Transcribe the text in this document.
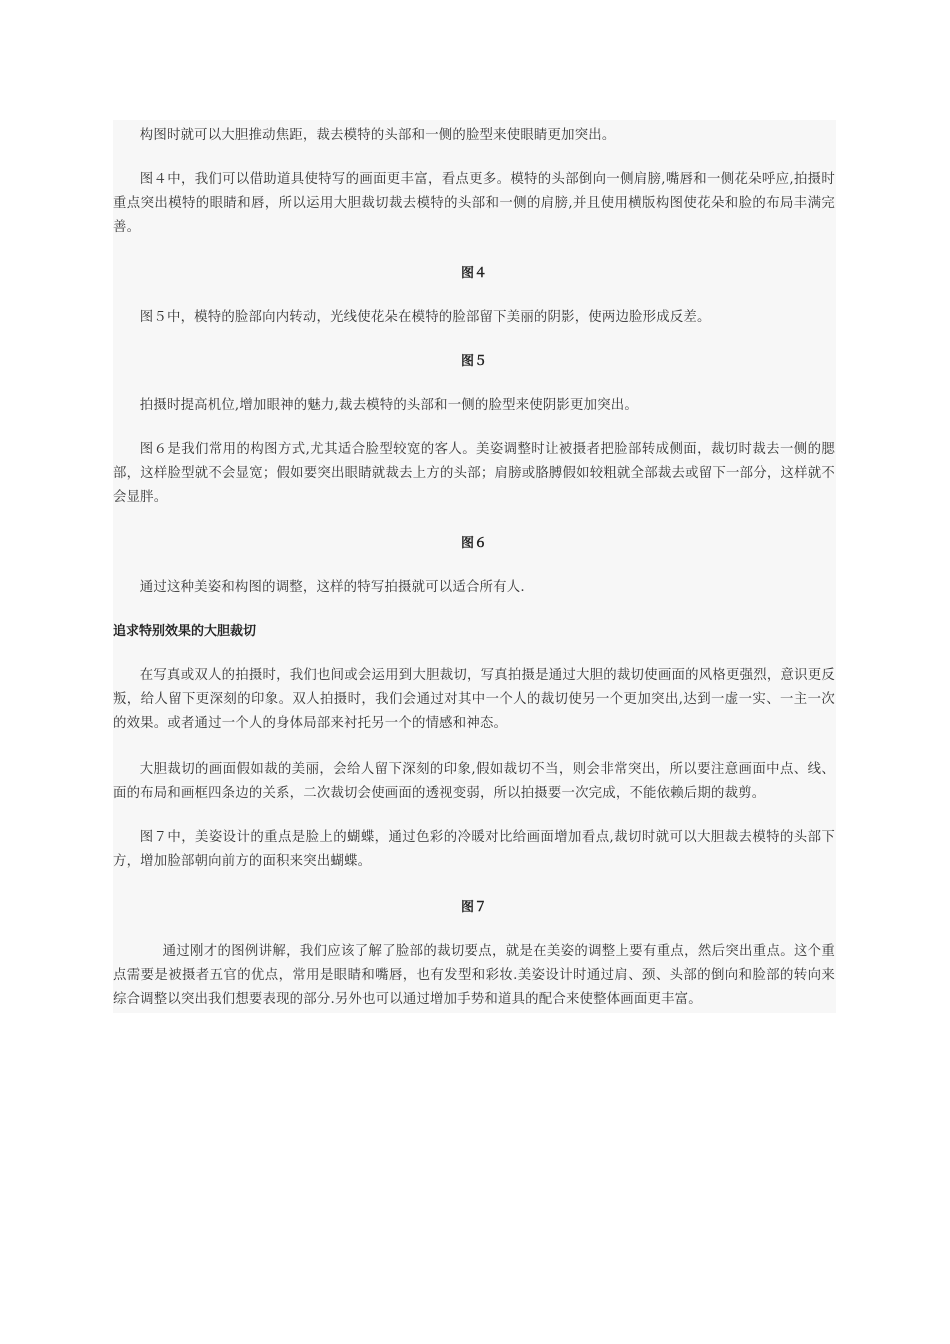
构图时就可以大胆推动焦距，裁去模特的头部和一侧的脸型来使眼睛更加突出。

图４中，我们可以借助道具使特写的画面更丰富，看点更多。模特的头部倒向一侧肩膀,嘴唇和一侧花朵呼应,拍摄时重点突出模特的眼睛和唇，所以运用大胆裁切裁去模特的头部和一侧的肩膀,并且使用横版构图使花朵和脸的布局丰满完善。

图４

图５中，模特的脸部向内转动，光线使花朵在模特的脸部留下美丽的阴影，使两边脸形成反差。

图５

拍摄时提高机位,增加眼神的魅力,裁去模特的头部和一侧的脸型来使阴影更加突出。

图６是我们常用的构图方式,尤其适合脸型较宽的客人。美姿调整时让被摄者把脸部转成侧面，裁切时裁去一侧的腮部，这样脸型就不会显宽；假如要突出眼睛就裁去上方的头部；肩膀或胳膊假如较粗就全部裁去或留下一部分，这样就不会显胖。

图６

通过这种美姿和构图的调整，这样的特写拍摄就可以适合所有人.

追求特别效果的大胆裁切

在写真或双人的拍摄时，我们也间或会运用到大胆裁切，写真拍摄是通过大胆的裁切使画面的风格更强烈，意识更反叛，给人留下更深刻的印象。双人拍摄时，我们会通过对其中一个人的裁切使另一个更加突出,达到一虚一实、一主一次的效果。或者通过一个人的身体局部来衬托另一个的情感和神态。

大胆裁切的画面假如裁的美丽，会给人留下深刻的印象,假如裁切不当，则会非常突出，所以要注意画面中点、线、面的布局和画框四条边的关系，二次裁切会使画面的透视变弱，所以拍摄要一次完成，不能依赖后期的裁剪。

图７中，美姿设计的重点是脸上的蝴蝶，通过色彩的冷暖对比给画面增加看点,裁切时就可以大胆裁去模特的头部下方，增加脸部朝向前方的面积来突出蝴蝶。

图７

通过刚才的图例讲解，我们应该了解了脸部的裁切要点，就是在美姿的调整上要有重点，然后突出重点。这个重点需要是被摄者五官的优点，常用是眼睛和嘴唇，也有发型和彩妆.美姿设计时通过肩、颈、头部的倒向和脸部的转向来综合调整以突出我们想要表现的部分.另外也可以通过增加手势和道具的配合来使整体画面更丰富。
